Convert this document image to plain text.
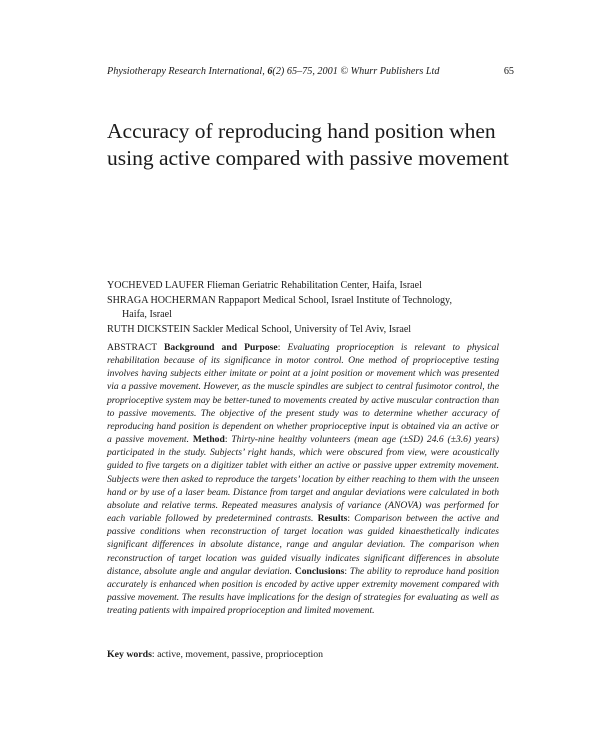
Physiotherapy Research International, 6(2) 65–75, 2001 © Whurr Publishers Ltd	65
Accuracy of reproducing hand position when using active compared with passive movement
YOCHEVED LAUFER Flieman Geriatric Rehabilitation Center, Haifa, Israel
SHRAGA HOCHERMAN Rappaport Medical School, Israel Institute of Technology,
Haifa, Israel
RUTH DICKSTEIN Sackler Medical School, University of Tel Aviv, Israel
ABSTRACT Background and Purpose: Evaluating proprioception is relevant to physical rehabilitation because of its significance in motor control. One method of proprioceptive testing involves having subjects either imitate or point at a joint position or movement which was presented via a passive movement. However, as the muscle spindles are subject to central fusimotor control, the proprioceptive system may be better-tuned to movements created by active muscular contraction than to passive movements. The objective of the present study was to determine whether accuracy of reproducing hand position is dependent on whether proprioceptive input is obtained via an active or a passive movement. Method: Thirty-nine healthy volunteers (mean age (±SD) 24.6 (±3.6) years) participated in the study. Subjects’ right hands, which were obscured from view, were acoustically guided to five targets on a digitizer tablet with either an active or passive upper extremity movement. Subjects were then asked to reproduce the targets’ location by either reaching to them with the unseen hand or by use of a laser beam. Distance from target and angular deviations were calculated in both absolute and relative terms. Repeated measures analysis of variance (ANOVA) was performed for each variable followed by predetermined contrasts. Results: Comparison between the active and passive conditions when reconstruction of target location was guided kinaesthetically indicates significant differences in absolute distance, range and angular deviation. The comparison when reconstruction of target location was guided visually indicates significant differences in absolute distance, absolute angle and angular deviation. Conclusions: The ability to reproduce hand position accurately is enhanced when position is encoded by active upper extremity movement compared with passive movement. The results have implications for the design of strategies for evaluating as well as treating patients with impaired proprioception and limited movement.
Key words: active, movement, passive, proprioception
